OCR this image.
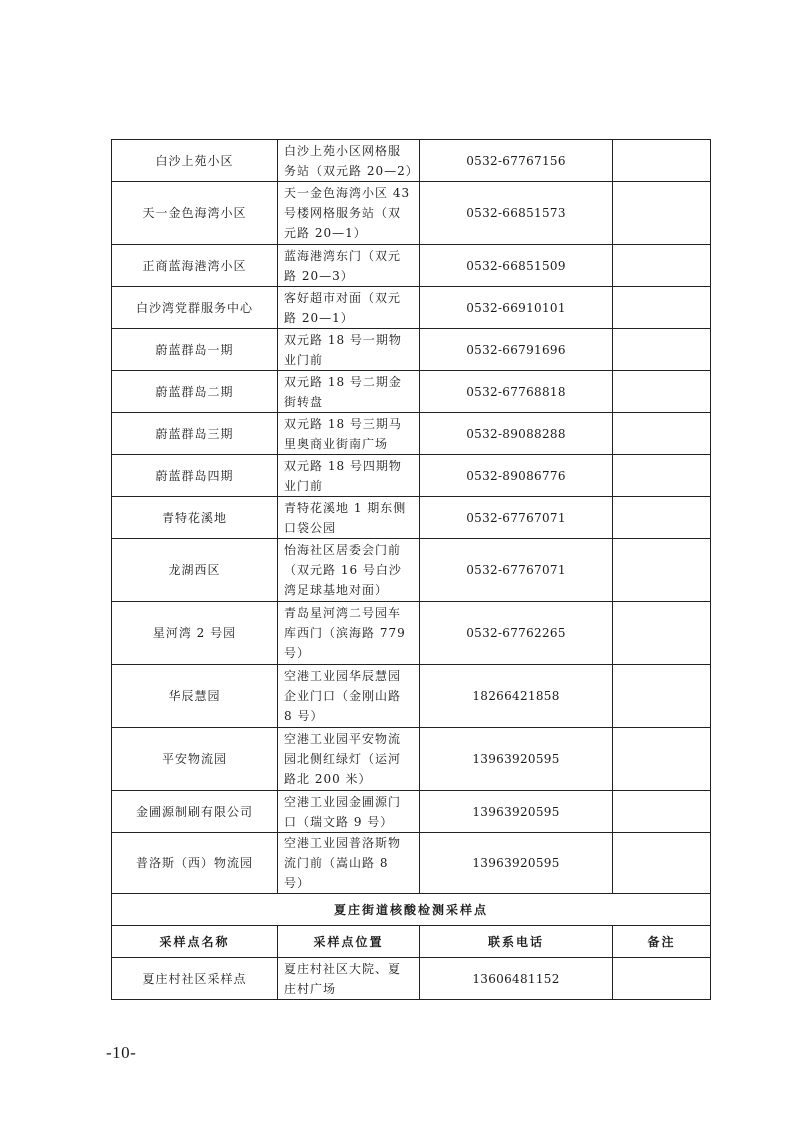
白沙上苑小区	白沙上苑小区网格服务站（双元路 20—2）	0532-67767156	
天一金色海湾小区	天一金色海湾小区 43 号楼网格服务站（双元路 20—1）	0532-66851573	
正商蓝海港湾小区	蓝海港湾东门（双元路 20—3）	0532-66851509	
白沙湾党群服务中心	客好超市对面（双元路 20—1）	0532-66910101	
蔚蓝群岛一期	双元路 18 号一期物业门前	0532-66791696	
蔚蓝群岛二期	双元路 18 号二期金街转盘	0532-67768818	
蔚蓝群岛三期	双元路 18 号三期马里奥商业街南广场	0532-89088288	
蔚蓝群岛四期	双元路 18 号四期物业门前	0532-89086776	
青特花溪地	青特花溪地 1 期东侧口袋公园	0532-67767071	
龙湖西区	怡海社区居委会门前（双元路 16 号白沙湾足球基地对面）	0532-67767071	
星河湾 2 号园	青岛星河湾二号园车库西门（滨海路 779 号）	0532-67762265	
华辰慧园	空港工业园华辰慧园企业门口（金刚山路 8 号）	18266421858	
平安物流园	空港工业园平安物流园北侧红绿灯（运河路北 200 米）	13963920595	
金圃源制刷有限公司	空港工业园金圃源门口（瑞文路 9 号）	13963920595	
普洛斯（西）物流园	空港工业园普洛斯物流门前（嵩山路 8 号）	13963920595	
夏庄街道核酸检测采样点			
采样点名称	采样点位置	联系电话	备注
夏庄村社区采样点	夏庄村社区大院、夏庄村广场	13606481152	
-10-
